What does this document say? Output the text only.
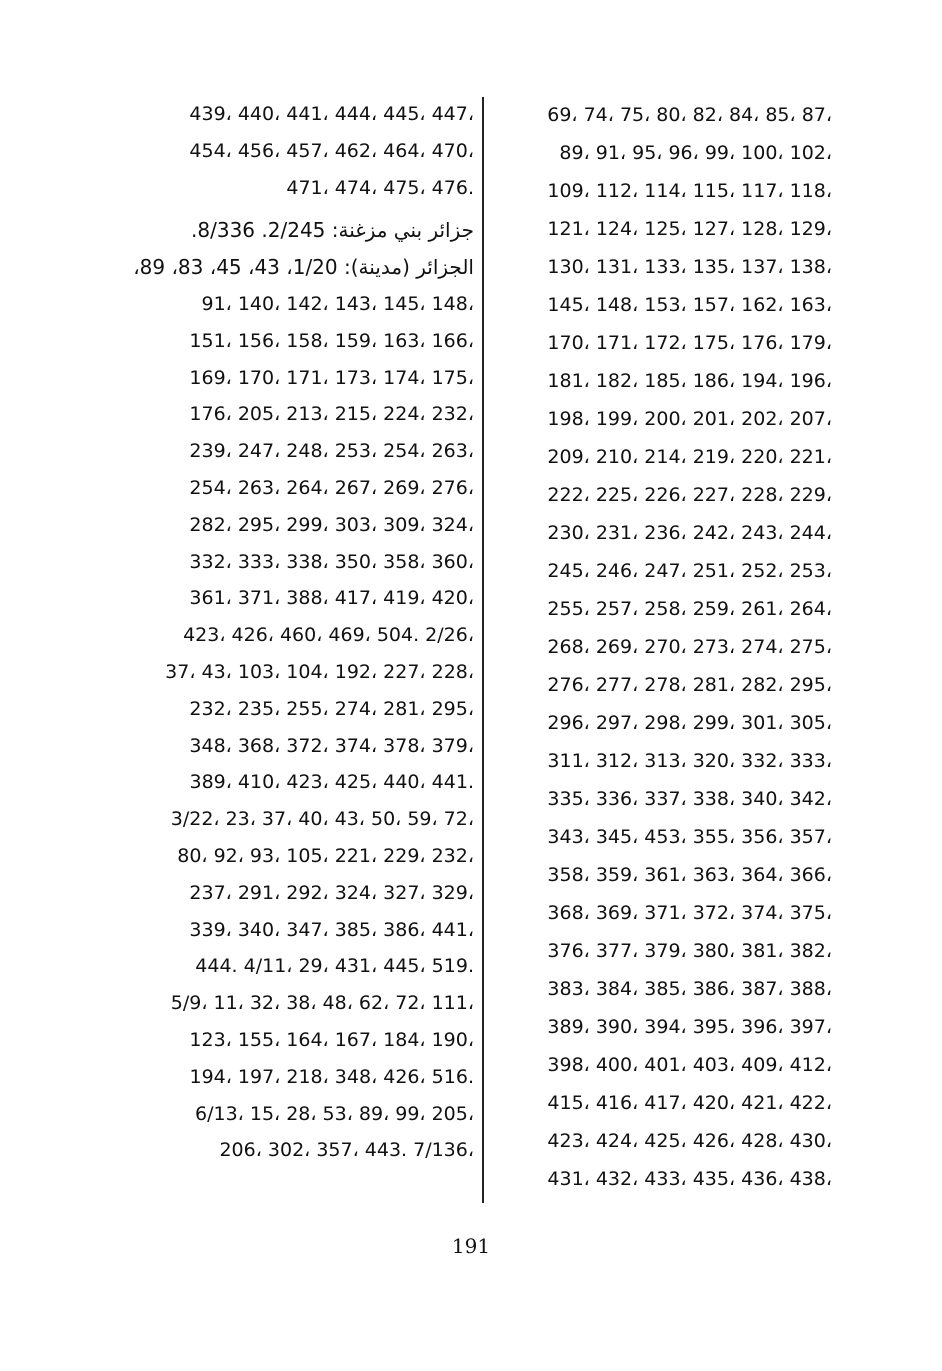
69، 74، 75، 80، 82، 84، 85، 87،
89، 91، 95، 96، 99، 100، 102،
109، 112، 114، 115، 117، 118،
121، 124، 125، 127، 128، 129،
130، 131، 133، 135، 137، 138،
145، 148، 153، 157، 162، 163،
170، 171، 172، 175، 176، 179،
181، 182، 185، 186، 194، 196،
198، 199، 200، 201، 202، 207،
209، 210، 214، 219، 220، 221،
222، 225، 226، 227، 228، 229،
230، 231، 236، 242، 243، 244،
245، 246، 247، 251، 252، 253،
255، 257، 258، 259، 261، 264،
268، 269، 270، 273، 274، 275،
276، 277، 278، 281، 282، 295،
296، 297، 298، 299، 301، 305،
311، 312، 313، 320، 332، 333،
335، 336، 337، 338، 340، 342،
343، 345، 453، 355، 356، 357،
358، 359، 361، 363، 364، 366،
368، 369، 371، 372، 374، 375،
376، 377، 379، 380، 381، 382،
383، 384، 385، 386، 387، 388،
389، 390، 394، 395، 396، 397،
398، 400، 401، 403، 409، 412،
415، 416، 417، 420، 421، 422،
423، 424، 425، 426، 428، 430،
431، 432، 433، 435، 436، 438،
439، 440، 441، 444، 445، 447،
454، 456، 457، 462، 464، 470،
471، 474، 475، 476.
جزائر بني مزغنة: 2/245. 8/336.
الجزائر (مدينة): 1/20، 43، 45، 83، 89،
91، 140، 142، 143، 145، 148،
151، 156، 158، 159، 163، 166،
169، 170، 171، 173، 174، 175،
176، 205، 213، 215، 224، 232،
239، 247، 248، 253، 254، 263،
254، 263، 264، 267، 269، 276،
282، 295، 299، 303، 309، 324،
332، 333، 338، 350، 358، 360،
361، 371، 388، 417، 419، 420،
423، 426، 460، 469، 504. 2/26،
37، 43، 103، 104، 192، 227، 228،
232، 235، 255، 274، 281، 295،
348، 368، 372، 374، 378، 379،
389، 410، 423، 425، 440، 441.
3/22، 23، 37، 40، 43، 50، 59، 72،
80، 92، 93، 105، 221، 229، 232،
237، 291، 292، 324، 327، 329،
339، 340، 347، 385، 386، 441،
444. 4/11، 29، 431، 445، 519.
5/9، 11، 32، 38، 48، 62، 72، 111،
123، 155، 164، 167، 184، 190،
194، 197، 218، 348، 426، 516.
6/13، 15، 28، 53، 89، 99، 205،
206، 302، 357، 443. 7/136،
191
